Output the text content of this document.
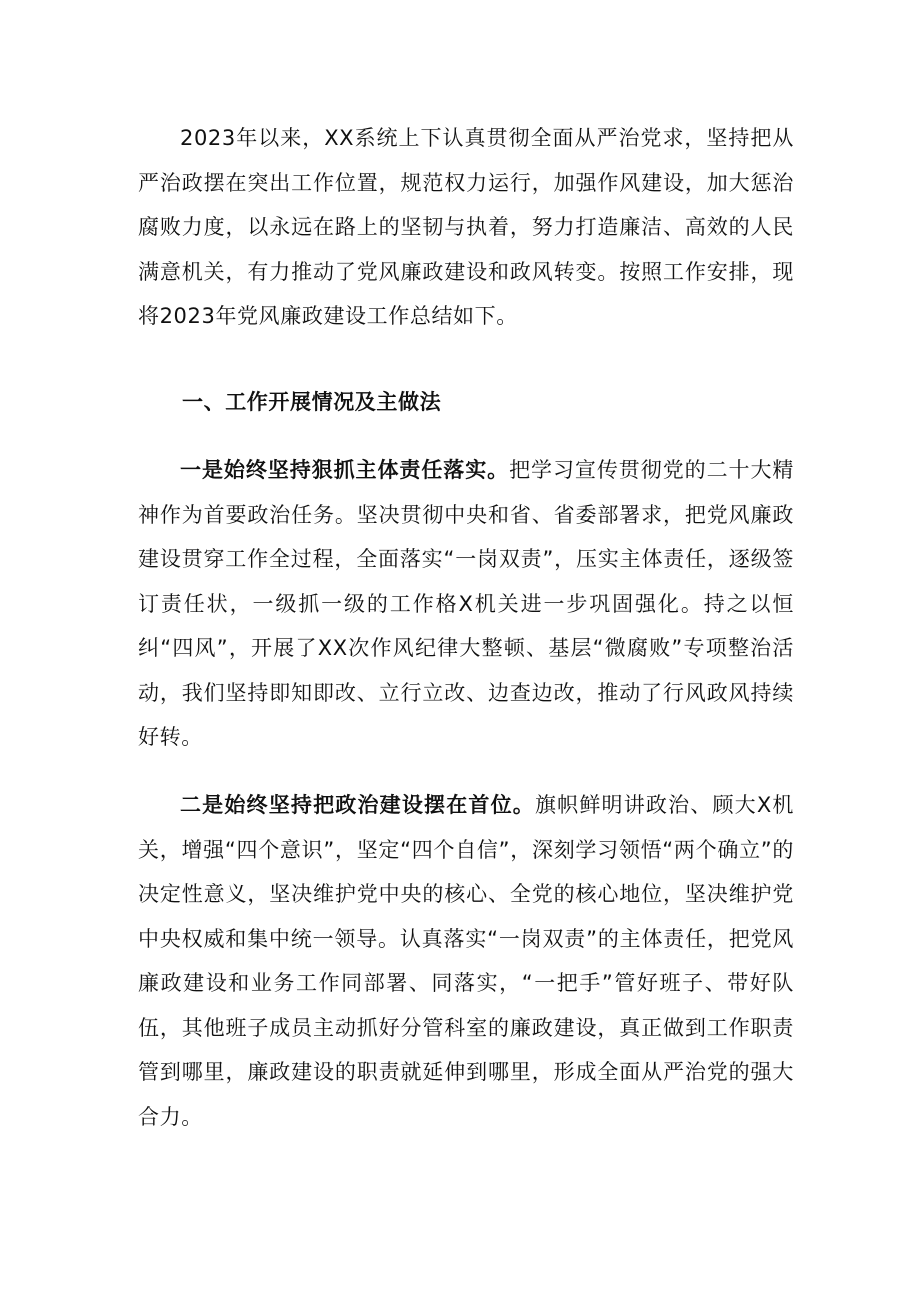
2023年以来，XX系统上下认真贯彻全面从严治党求，坚持把从严治政摆在突出工作位置，规范权力运行，加强作风建设，加大惩治腐败力度，以永远在路上的坚韧与执着，努力打造廉洁、高效的人民满意机关，有力推动了党风廉政建设和政风转变。按照工作安排，现将2023年党风廉政建设工作总结如下。

一、工作开展情况及主做法

一是始终坚持狠抓主体责任落实。把学习宣传贯彻党的二十大精神作为首要政治任务。坚决贯彻中央和省、省委部署求，把党风廉政建设贯穿工作全过程，全面落实“一岗双责”，压实主体责任，逐级签订责任状，一级抓一级的工作格X机关进一步巩固强化。持之以恒纠“四风”，开展了XX次作风纪律大整顿、基层“微腐败”专项整治活动，我们坚持即知即改、立行立改、边查边改，推动了行风政风持续好转。

二是始终坚持把政治建设摆在首位。旗帜鲜明讲政治、顾大X机关，增强“四个意识”，坚定“四个自信”，深刻学习领悟“两个确立”的决定性意义，坚决维护党中央的核心、全党的核心地位，坚决维护党中央权威和集中统一领导。认真落实“一岗双责”的主体责任，把党风廉政建设和业务工作同部署、同落实，“一把手”管好班子、带好队伍，其他班子成员主动抓好分管科室的廉政建设，真正做到工作职责管到哪里，廉政建设的职责就延伸到哪里，形成全面从严治党的强大合力。
